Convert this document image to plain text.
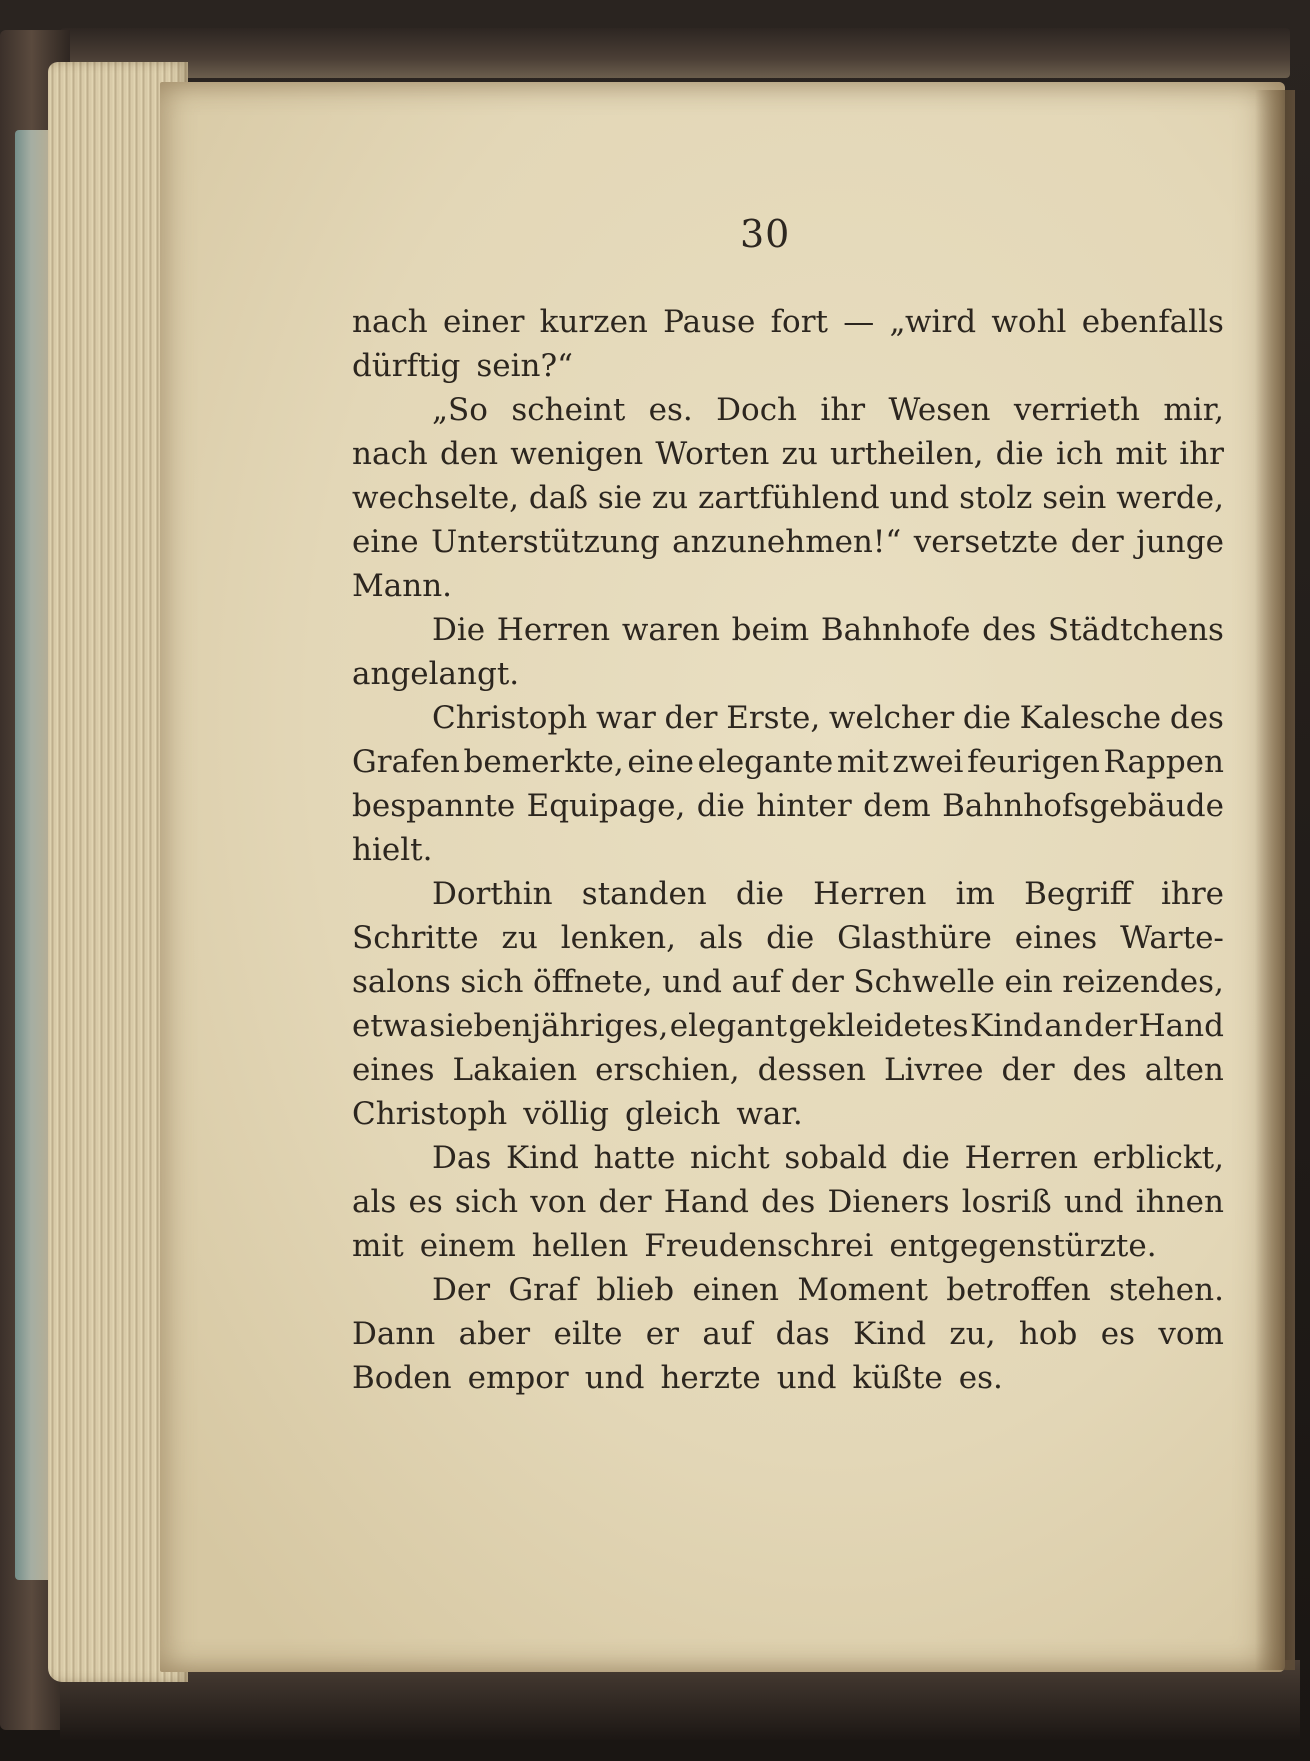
30
nach einer kurzen Pause fort — „wird wohl ebenfalls
dürftig sein?“
„So scheint es. Doch ihr Wesen verrieth mir,
nach den wenigen Worten zu urtheilen, die ich mit ihr
wechselte, daß sie zu zartfühlend und stolz sein werde,
eine Unterstützung anzunehmen!“ versetzte der junge
Mann.
Die Herren waren beim Bahnhofe des Städtchens
angelangt.
Christoph war der Erste, welcher die Kalesche des
Grafen bemerkte, eine elegante mit zwei feurigen Rappen
bespannte Equipage, die hinter dem Bahnhofsgebäude
hielt.
Dorthin standen die Herren im Begriff ihre
Schritte zu lenken, als die Glasthüre eines Warte-
salons sich öffnete, und auf der Schwelle ein reizendes,
etwa siebenjähriges, elegant gekleidetes Kind an der Hand
eines Lakaien erschien, dessen Livree der des alten
Christoph völlig gleich war.
Das Kind hatte nicht sobald die Herren erblickt,
als es sich von der Hand des Dieners losriß und ihnen
mit einem hellen Freudenschrei entgegenstürzte.
Der Graf blieb einen Moment betroffen stehen.
Dann aber eilte er auf das Kind zu, hob es vom
Boden empor und herzte und küßte es.
